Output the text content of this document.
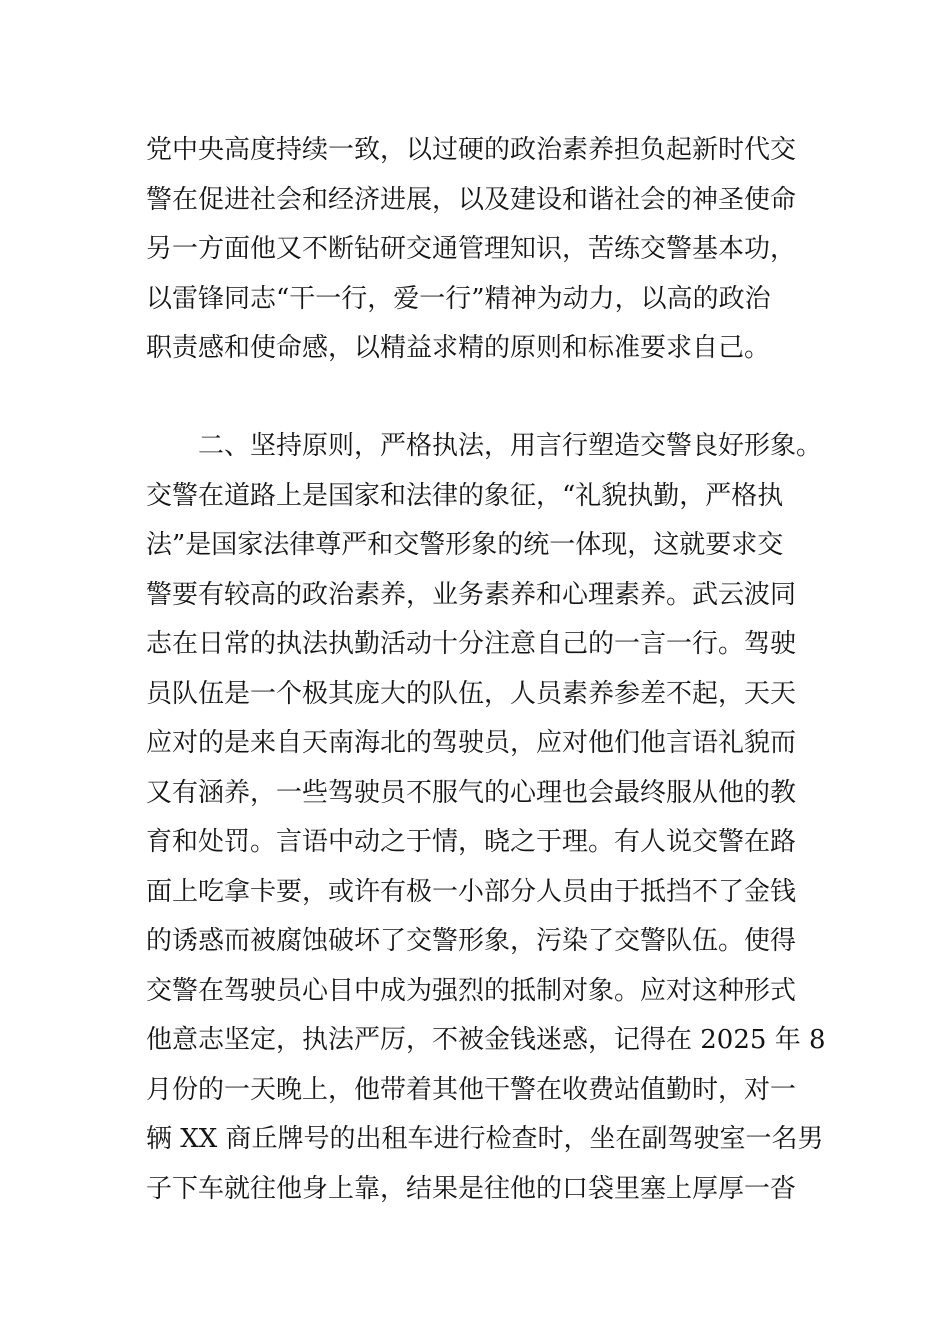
党中央高度持续一致，以过硬的政治素养担负起新时代交
警在促进社会和经济进展，以及建设和谐社会的神圣使命
另一方面他又不断钻研交通管理知识，苦练交警基本功，
以雷锋同志“干一行，爱一行”精神为动力，以高的政治
职责感和使命感，以精益求精的原则和标准要求自己。
二、坚持原则，严格执法，用言行塑造交警良好形象。
交警在道路上是国家和法律的象征，“礼貌执勤，严格执
法”是国家法律尊严和交警形象的统一体现，这就要求交
警要有较高的政治素养，业务素养和心理素养。武云波同
志在日常的执法执勤活动十分注意自己的一言一行。驾驶
员队伍是一个极其庞大的队伍，人员素养参差不起，天天
应对的是来自天南海北的驾驶员，应对他们他言语礼貌而
又有涵养，一些驾驶员不服气的心理也会最终服从他的教
育和处罚。言语中动之于情，晓之于理。有人说交警在路
面上吃拿卡要，或许有极一小部分人员由于抵挡不了金钱
的诱惑而被腐蚀破坏了交警形象，污染了交警队伍。使得
交警在驾驶员心目中成为强烈的抵制对象。应对这种形式
他意志坚定，执法严厉，不被金钱迷惑，记得在 2025 年 8
月份的一天晚上，他带着其他干警在收费站值勤时，对一
辆 XX 商丘牌号的出租车进行检查时，坐在副驾驶室一名男
子下车就往他身上靠，结果是往他的口袋里塞上厚厚一沓
